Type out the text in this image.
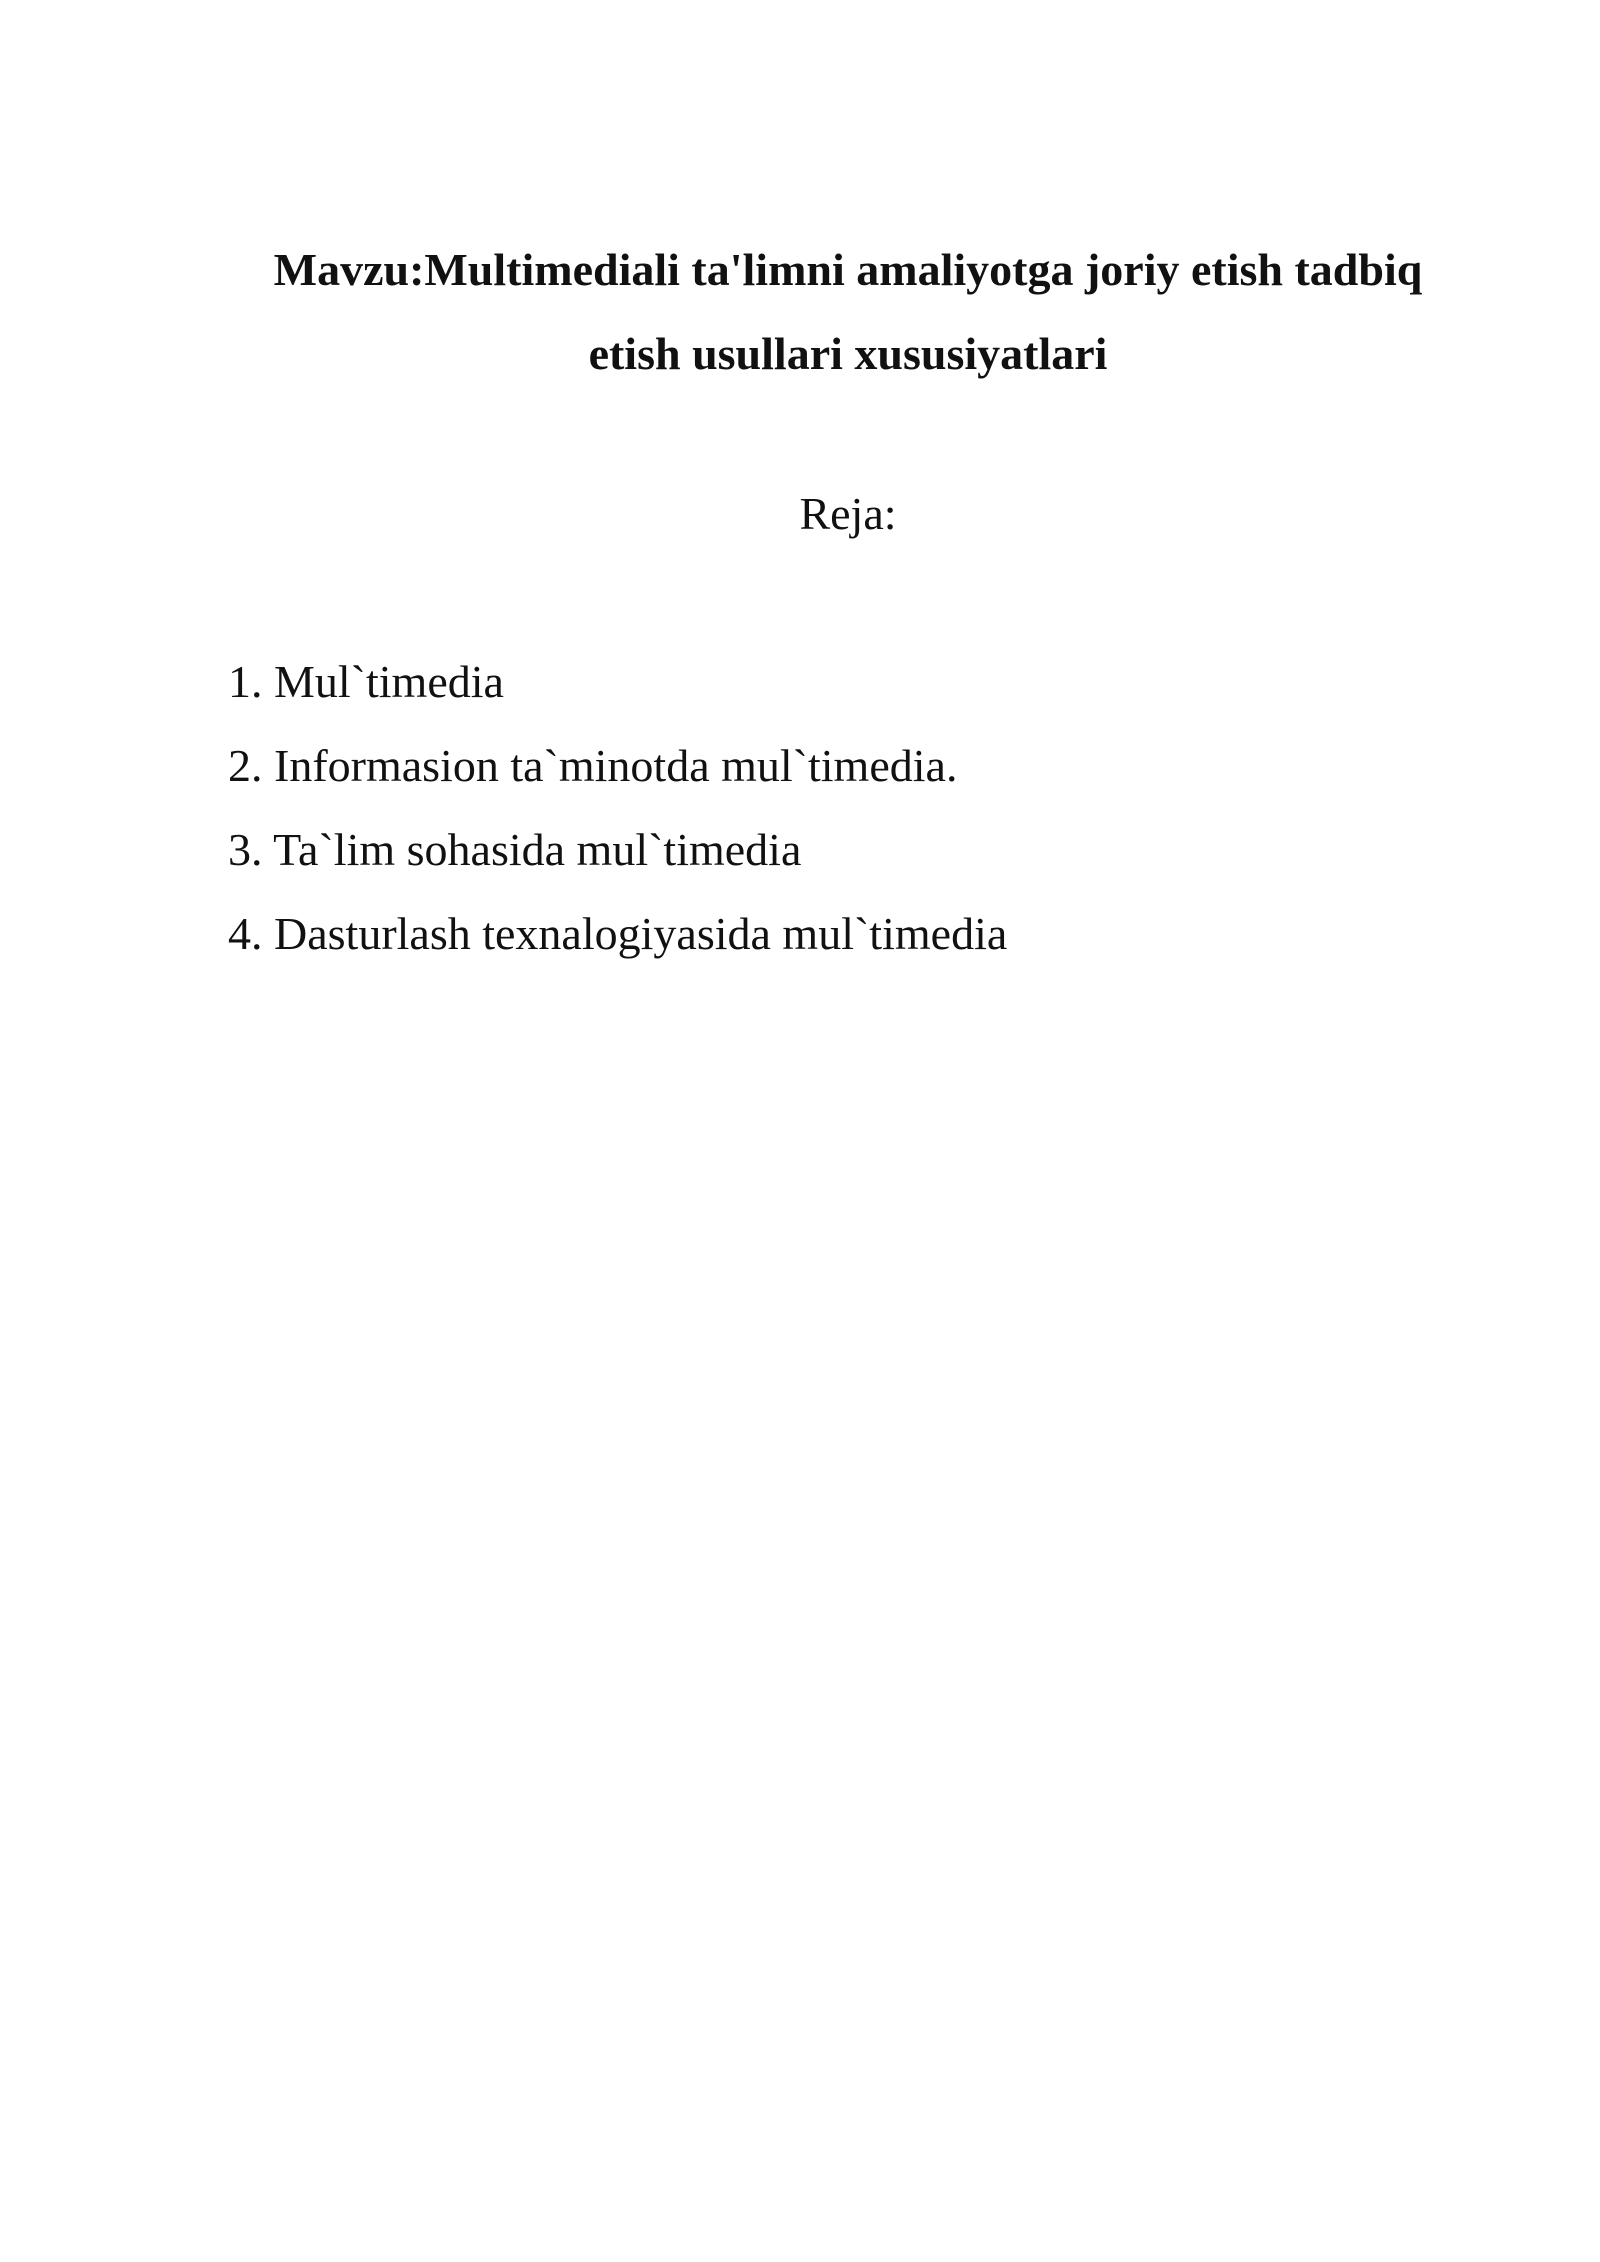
Mavzu:Multimediali ta'limni amaliyotga joriy etish tadbiq etish usullari xususiyatlari

Reja:

1. Mul`timedia
2. Informasion ta`minotda mul`timedia.
3. Ta`lim sohasida mul`timedia
4. Dasturlash texnalogiyasida mul`timedia
